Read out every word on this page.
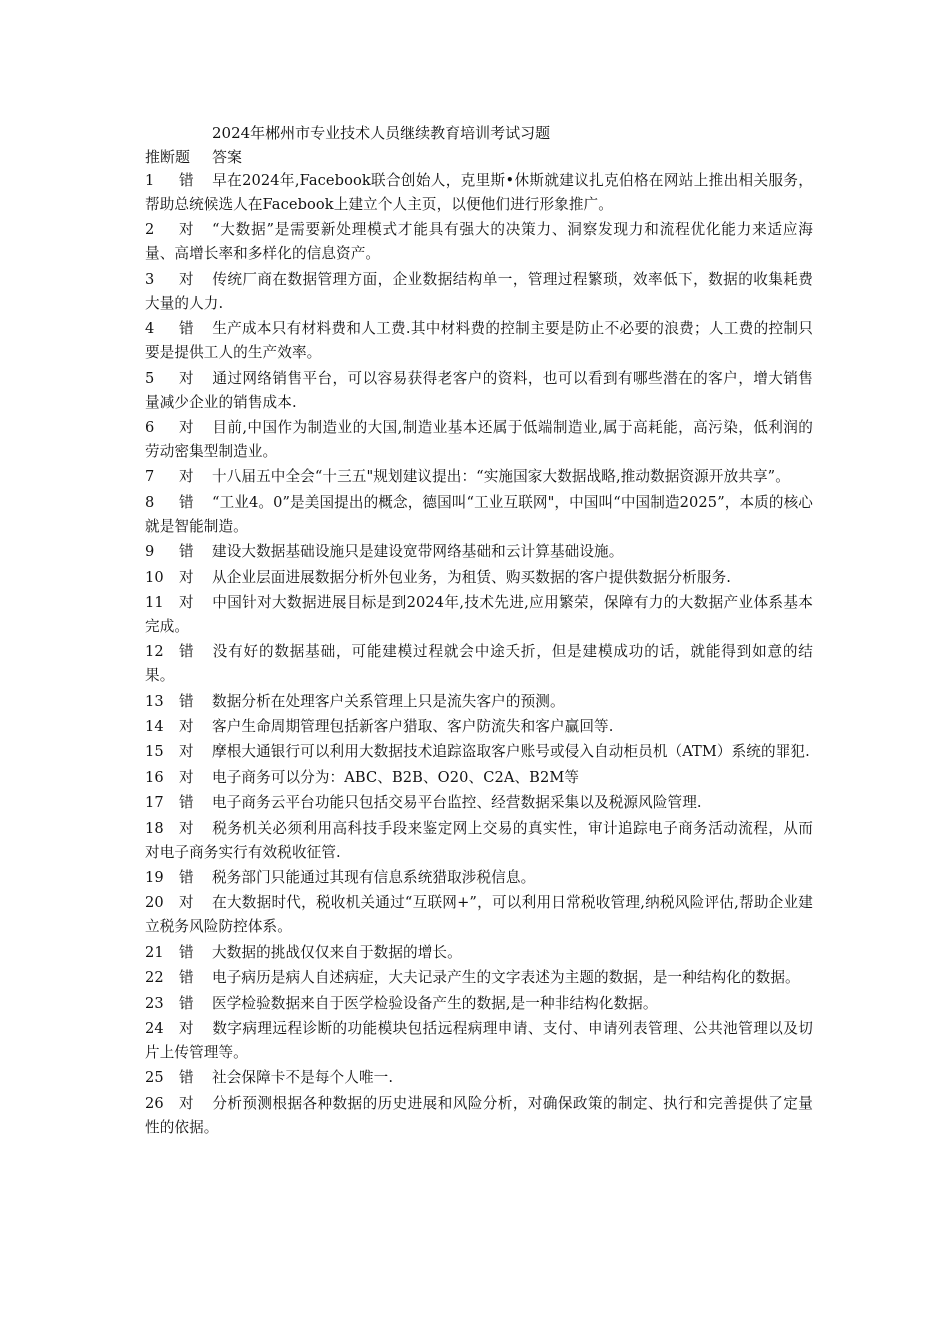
2024年郴州市专业技术人员继续教育培训考试习题
推断题 答案
1 错 早在2024年,Facebook联合创始人，克里斯•休斯就建议扎克伯格在网站上推出相关服务，帮助总统候选人在Facebook上建立个人主页，以便他们进行形象推广。
2 对 “大数据”是需要新处理模式才能具有强大的决策力、洞察发现力和流程优化能力来适应海量、高增长率和多样化的信息资产。
3 对 传统厂商在数据管理方面，企业数据结构单一，管理过程繁琐，效率低下，数据的收集耗费大量的人力.
4 错 生产成本只有材料费和人工费.其中材料费的控制主要是防止不必要的浪费；人工费的控制只要是提供工人的生产效率。
5 对 通过网络销售平台，可以容易获得老客户的资料，也可以看到有哪些潜在的客户，增大销售量减少企业的销售成本.
6 对 目前,中国作为制造业的大国,制造业基本还属于低端制造业,属于高耗能，高污染，低利润的劳动密集型制造业。
7 对 十八届五中全会“十三五"规划建议提出：“实施国家大数据战略,推动数据资源开放共享”。
8 错 “工业4。0”是美国提出的概念，德国叫“工业互联网"，中国叫“中国制造2025”，本质的核心就是智能制造。
9 错 建设大数据基础设施只是建设宽带网络基础和云计算基础设施。
10 对 从企业层面进展数据分析外包业务，为租赁、购买数据的客户提供数据分析服务.
11 对 中国针对大数据进展目标是到2024年,技术先进,应用繁荣，保障有力的大数据产业体系基本完成。
12 错 没有好的数据基础，可能建模过程就会中途夭折，但是建模成功的话，就能得到如意的结果。
13 错 数据分析在处理客户关系管理上只是流失客户的预测。
14 对 客户生命周期管理包括新客户猎取、客户防流失和客户赢回等.
15 对 摩根大通银行可以利用大数据技术追踪盗取客户账号或侵入自动柜员机（ATM）系统的罪犯.
16 对 电子商务可以分为：ABC、B2B、O20、C2A、B2M等
17 错 电子商务云平台功能只包括交易平台监控、经营数据采集以及税源风险管理.
18 对 税务机关必须利用高科技手段来鉴定网上交易的真实性，审计追踪电子商务活动流程，从而对电子商务实行有效税收征管.
19 错 税务部门只能通过其现有信息系统猎取涉税信息。
20 对 在大数据时代，税收机关通过“互联网+”，可以利用日常税收管理,纳税风险评估,帮助企业建立税务风险防控体系。
21 错 大数据的挑战仅仅来自于数据的增长。
22 错 电子病历是病人自述病症，大夫记录产生的文字表述为主题的数据，是一种结构化的数据。
23 错 医学检验数据来自于医学检验设备产生的数据,是一种非结构化数据。
24 对 数字病理远程诊断的功能模块包括远程病理申请、支付、申请列表管理、公共池管理以及切片上传管理等。
25 错 社会保障卡不是每个人唯一.
26 对 分析预测根据各种数据的历史进展和风险分析，对确保政策的制定、执行和完善提供了定量性的依据。
